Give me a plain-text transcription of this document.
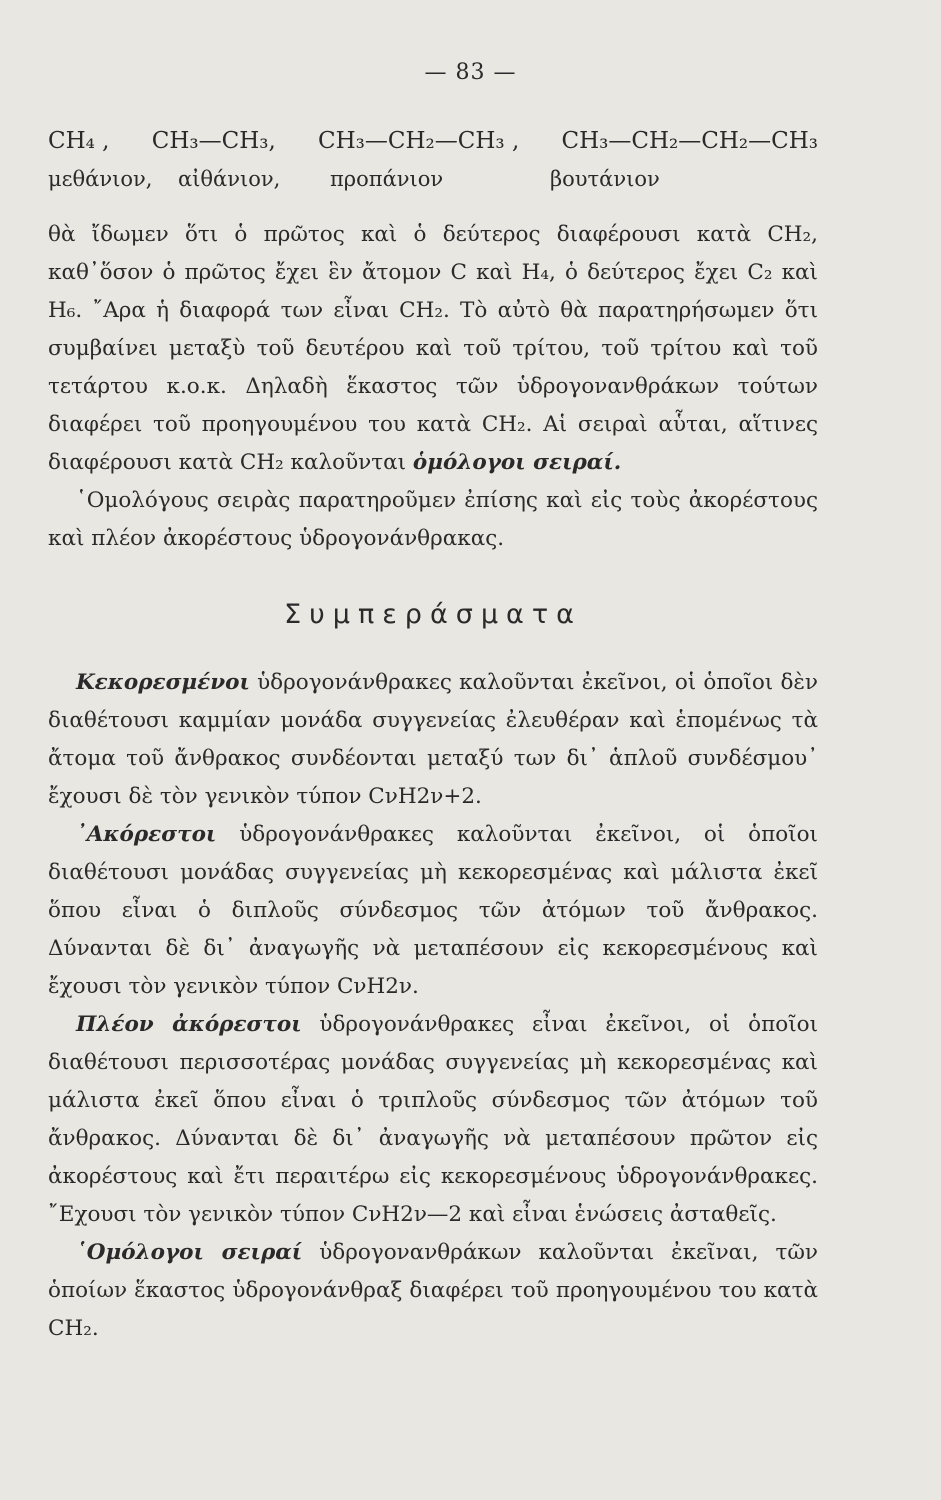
— 83 —
CH₄ , CH₃—CH₃, CH₃—CH₂—CH₃ , CH₃—CH₂—CH₂—CH₃
μεθάνιον, αἰθάνιον, προπάνιον	βουτάνιον

θὰ ἴδωμεν ὅτι ὁ πρῶτος καὶ ὁ δεύτερος διαφέρουσι κατὰ CH₂, καθ᾽ὅσον ὁ πρῶτος ἔχει ἓν ἄτομον C καὶ H₄, ὁ δεύτερος ἔχει C₂ καὶ H₆. ῎Αρα ἡ διαφορά των εἶναι CH₂. Τὸ αὐτὸ θὰ παρατηρήσωμεν ὅτι συμβαίνει μεταξὺ τοῦ δευτέρου καὶ τοῦ τρίτου, τοῦ τρίτου καὶ τοῦ τετάρτου κ.ο.κ. Δηλαδὴ ἕκαστος τῶν ὑδρογονανθράκων τούτων διαφέρει τοῦ προηγουμένου του κατὰ CH₂. Αἱ σειραὶ αὗται, αἵτινες διαφέρουσι κατὰ CH₂ καλοῦνται ὁμόλογοι σειραί.

῾Ομολόγους σειρὰς παρατηροῦμεν ἐπίσης καὶ εἰς τοὺς ἀκορέστους καὶ πλέον ἀκορέστους ὑδρογονάνθρακας.

Συμπεράσματα

Κεκορεσμένοι ὑδρογονάνθρακες καλοῦνται ἐκεῖνοι, οἱ ὁποῖοι δὲν διαθέτουσι καμμίαν μονάδα συγγενείας ἐλευθέραν καὶ ἑπομένως τὰ ἄτομα τοῦ ἄνθρακος συνδέονται μεταξύ των δι᾽ ἁπλοῦ συνδέσμου᾽ ἔχουσι δὲ τὸν γενικὸν τύπον CνH2ν+2.

᾽Ακόρεστοι ὑδρογονάνθρακες καλοῦνται ἐκεῖνοι, οἱ ὁποῖοι διαθέτουσι μονάδας συγγενείας μὴ κεκορεσμένας καὶ μάλιστα ἐκεῖ ὅπου εἶναι ὁ διπλοῦς σύνδεσμος τῶν ἀτόμων τοῦ ἄνθρακος. Δύνανται δὲ δι᾽ ἀναγωγῆς νὰ μεταπέσουν εἰς κεκορεσμένους καὶ ἔχουσι τὸν γενικὸν τύπον CνH2ν.

Πλέον ἀκόρεστοι ὑδρογονάνθρακες εἶναι ἐκεῖνοι, οἱ ὁποῖοι διαθέτουσι περισσοτέρας μονάδας συγγενείας μὴ κεκορεσμένας καὶ μάλιστα ἐκεῖ ὅπου εἶναι ὁ τριπλοῦς σύνδεσμος τῶν ἀτόμων τοῦ ἄνθρακος. Δύνανται δὲ δι᾽ ἀναγωγῆς νὰ μεταπέσουν πρῶτον εἰς ἀκορέστους καὶ ἔτι περαιτέρω εἰς κεκορεσμένους ὑδρογονάνθρακες. ῎Εχουσι τὸν γενικὸν τύπον CνH2ν—2 καὶ εἶναι ἑνώσεις ἀσταθεῖς.

῾Ομόλογοι σειραί ὑδρογονανθράκων καλοῦνται ἐκεῖναι, τῶν ὁποίων ἕκαστος ὑδρογονάνθραξ διαφέρει τοῦ προηγουμένου του κατὰ CH₂.
